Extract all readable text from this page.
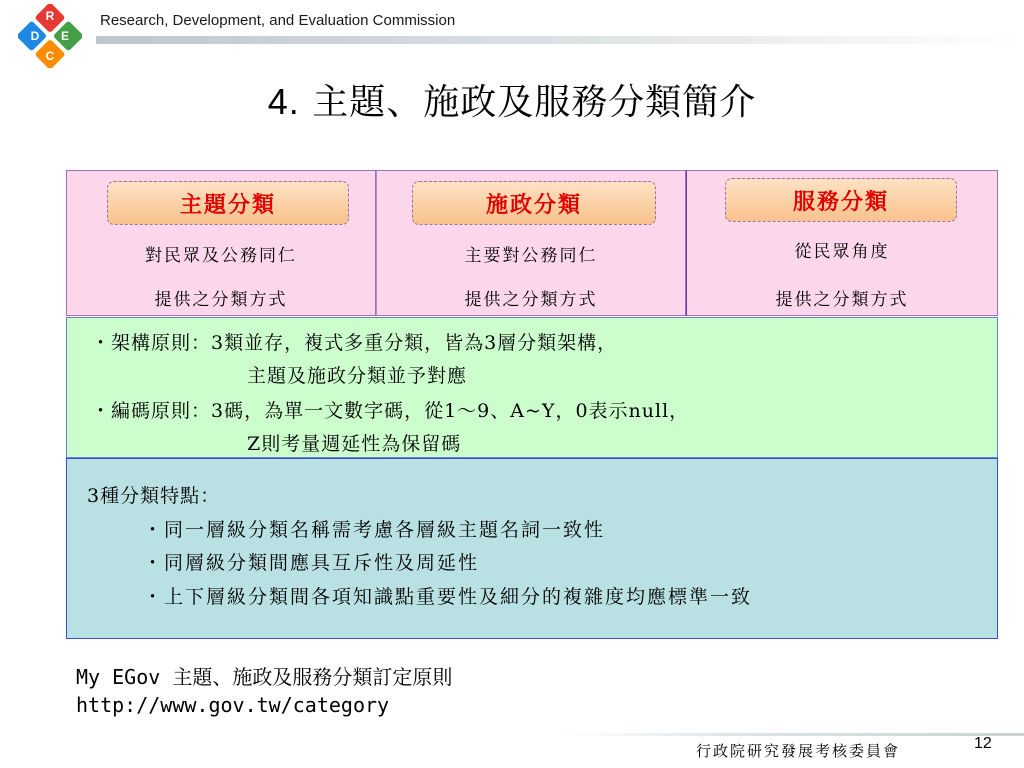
R
D E
C
Research, Development, and Evaluation Commission
4. 主題、施政及服務分類簡介
主題分類
對民眾及公務同仁
提供之分類方式
施政分類
主要對公務同仁
提供之分類方式
服務分類
從民眾角度
提供之分類方式
・架構原則：3類並存，複式多重分類，皆為3層分類架構，
主題及施政分類並予對應
・編碼原則：3碼，為單一文數字碼，從1～9、A~Y，0表示null，
Z則考量週延性為保留碼
3種分類特點：
・同一層級分類名稱需考慮各層級主題名詞一致性
・同層級分類間應具互斥性及周延性
・上下層級分類間各項知識點重要性及細分的複雜度均應標準一致
My EGov 主題、施政及服務分類訂定原則
http://www.gov.tw/category
行政院研究發展考核委員會	12
